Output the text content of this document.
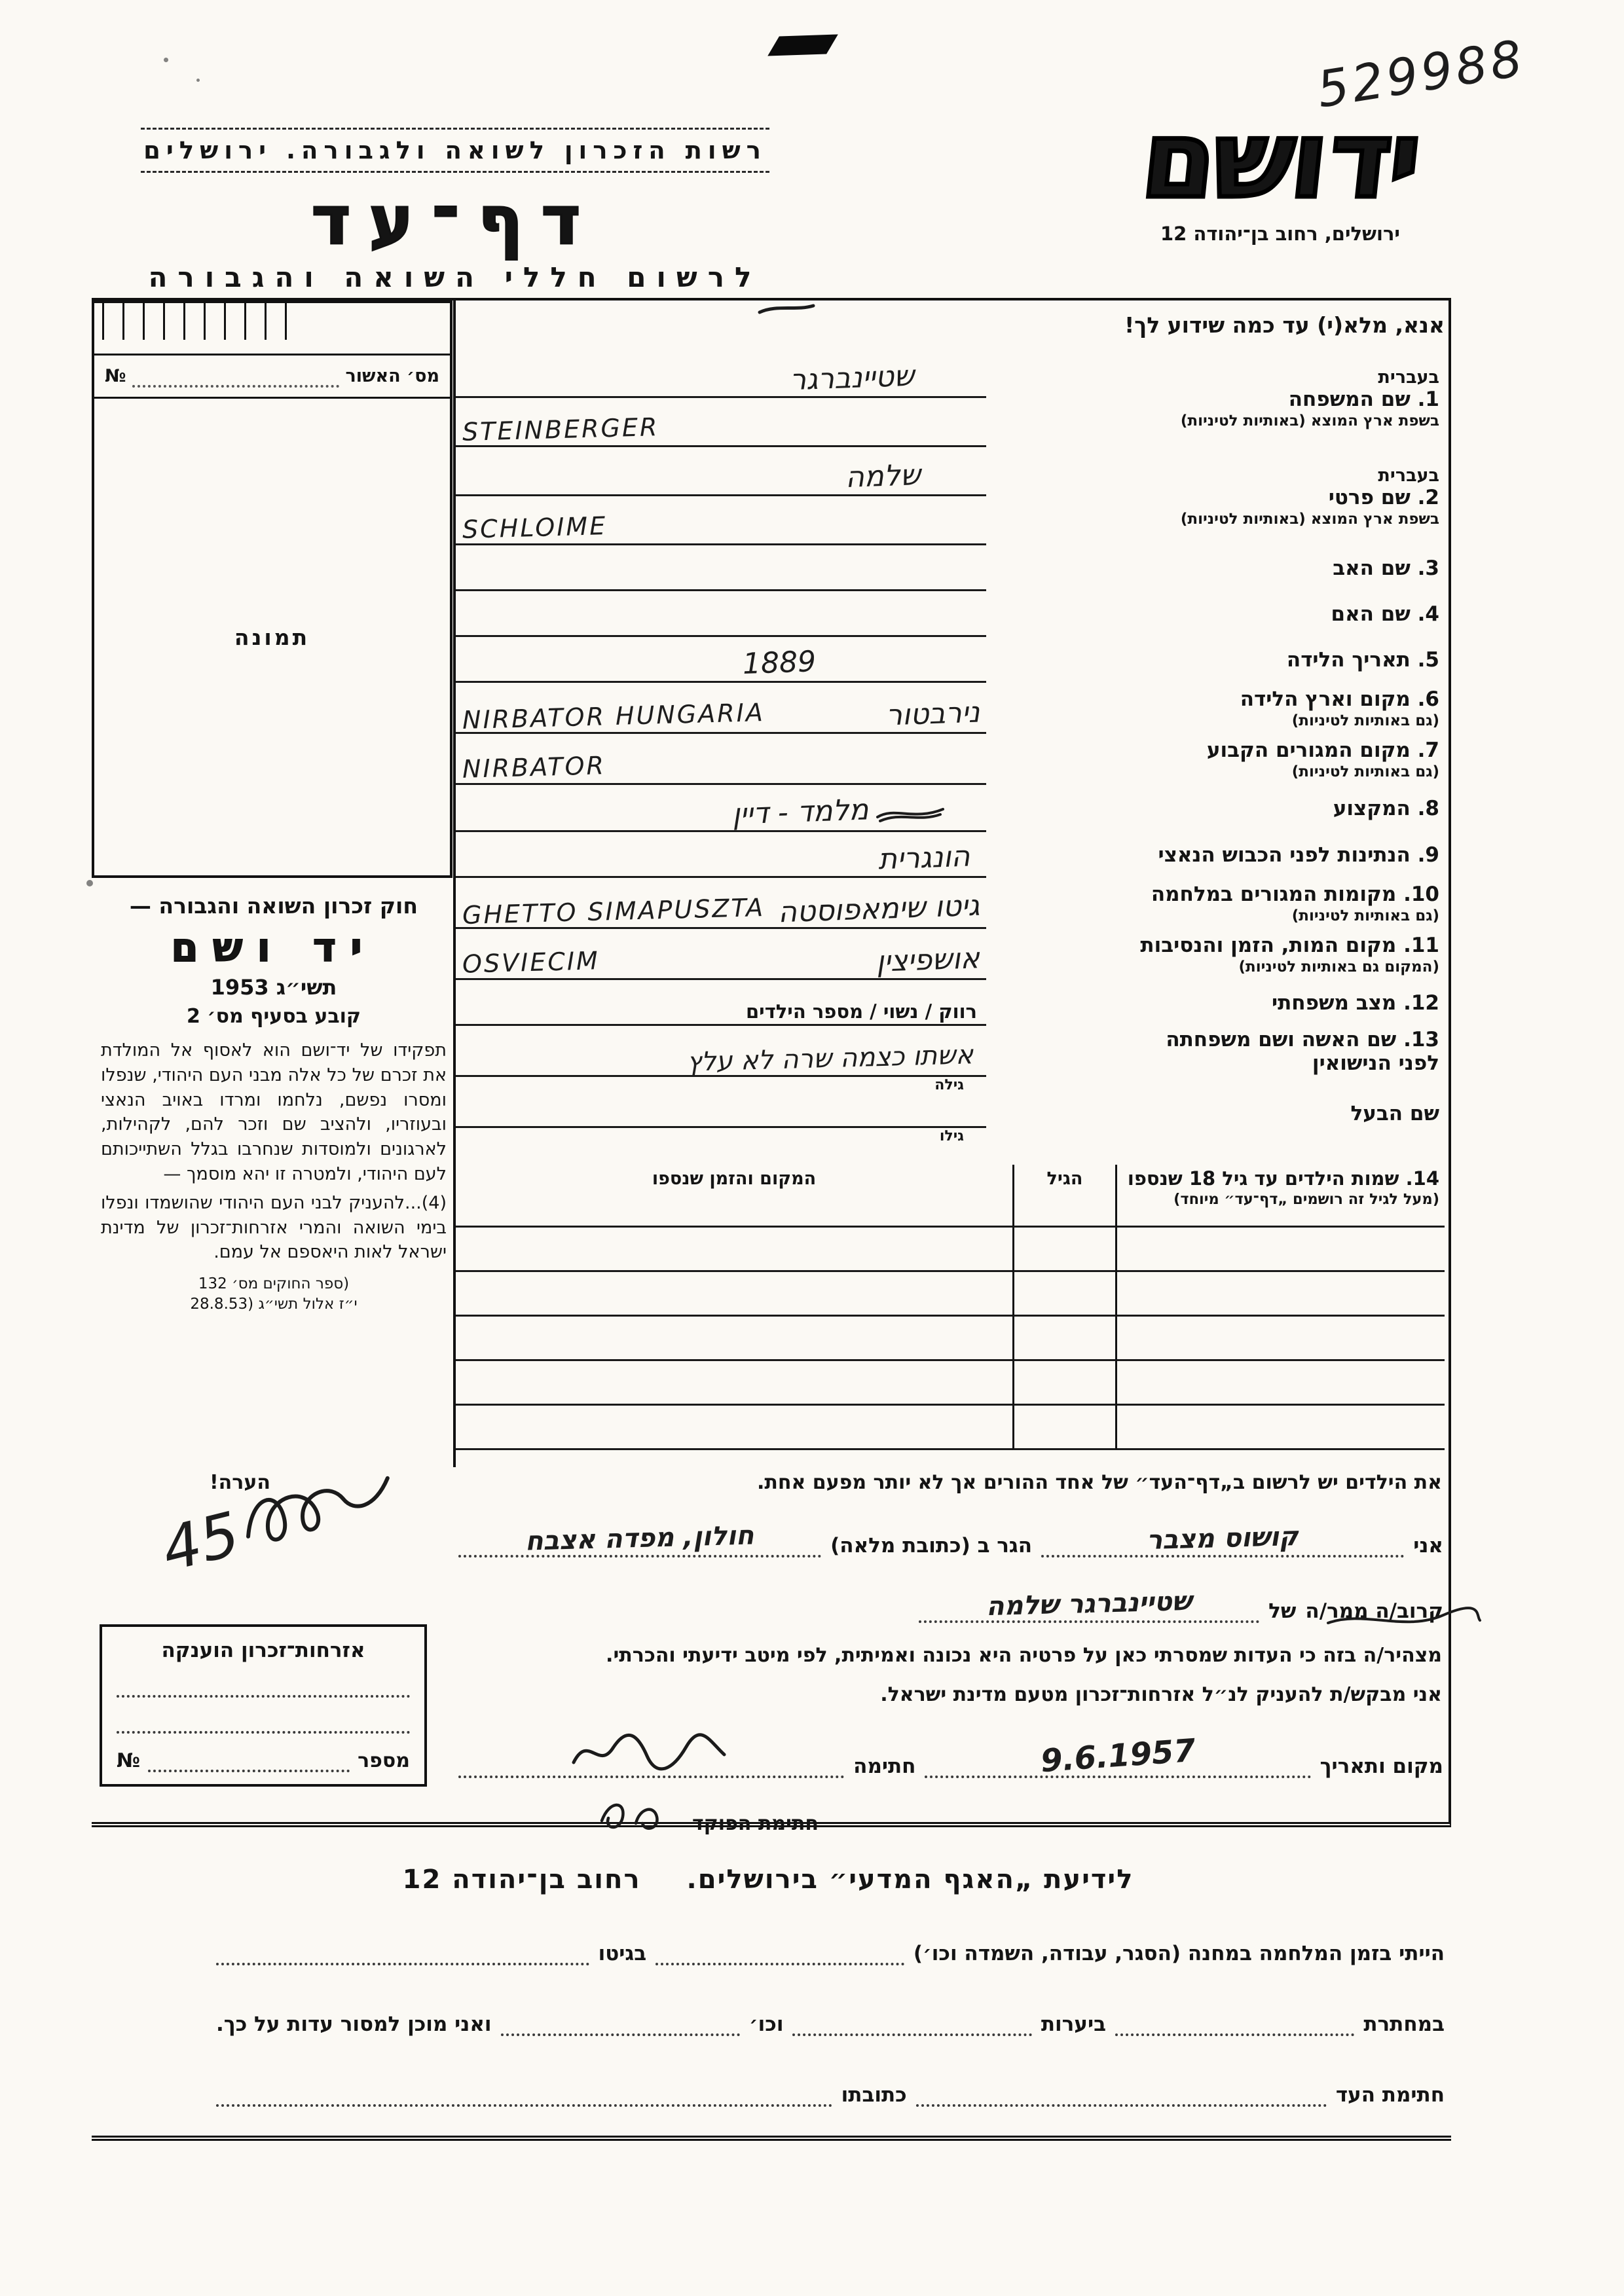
529988
רשות הזכרון לשואה ולגבורה. ירושלים
דף־עד
לרשום חללי השואה והגבורה
יד ושם
ירושלים, רחוב בן־יהודה 12
מס׳ האשור
№
תמונה
חוק זכרון השואה והגבורה —
יד ושם
תשי״ג 1953
קובע בסעיף מס׳ 2
תפקידו של יד־ושם הוא לאסוף אל המולדת את זכרם של כל אלה מבני העם היהודי, שנפלו ומסרו נפשם, נלחמו ומרדו באויב הנאצי ובעוזריו, ולהציב שם וזכר להם, לקהילות, לארגונים ולמוסדות שנחרבו בגלל השתייכותם לעם היהודי, ולמטרה זו יהא מוסמך —
(4)...להעניק לבני העם היהודי שהושמדו ונפלו בימי השואה והמרי אזרחות־זכרון של מדינת ישראל לאות היאספם אל עמם.
(ספר החוקים מס׳ 132
י״ז אלול תשי״ג (28.8.53
אנא, מלא(י) עד כמה שידוע לך!
בעברית
1. שם המשפחה
בשפת ארץ המוצא (באותיות לטיניות)
שטיינברגר
STEINBERGER
בעברית
2. שם פרטי
בשפת ארץ המוצא (באותיות לטיניות)
שלמה
SCHLOIME
3. שם האב
4. שם האם
5. תאריך הלידה
1889
6. מקום וארץ הלידה
(גם באותיות לטיניות)
נירבטור
NIRBATOR HUNGARIA
7. מקום המגורים הקבוע
(גם באותיות לטיניות)
NIRBATOR
8. המקצוע
מלמד - דיין
9. הנתינות לפני הכבוש הנאצי
הונגרית
10. מקומות המגורים במלחמה
(גם באותיות לטיניות)
גיטו שימאפוסטה
GHETTO SIMAPUSZTA
11. מקום המות, הזמן והנסיבות
(המקום גם באותיות לטיניות)
אושפיצין
OSVIECIM
12. מצב משפחתי
רווק / נשוי / מספר הילדים
13. שם האשה ושם משפחתה
לפני הנישואין
אשתו כצמה שרה לא עלץ
גילה
שם הבעל
גילו
14. שמות הילדים עד גיל 18 שנספו
(מעל לגיל זה רושמים „דף־עד״ מיוחד)
הגיל
המקום והזמן שנספו
את הילדים יש לרשום ב„דף־העד״ של אחד ההורים אך לא יותר מפעם אחת.
הערה!
אני
קושוס מצבר
הגר ב (כתובת מלאה)
חולון, מפדה אצבח
קרוב/ה ממר/ה
של
שטיינברגר שלמה
מצהיר/ה בזה כי העדות שמסרתי כאן על פרטיה היא נכונה ואמיתית, לפי מיטב ידיעתי והכרתי.
אני מבקש/ת להעניק לנ״ל אזרחות־זכרון מטעם מדינת ישראל.
מקום ותאריך
9.6.1957
חתימה
חתימת הפוקד
אזרחות־זכרון הוענקה
מספר
№
45
לידיעת „האגף המדעי״ בירושלים.
רחוב בן־יהודה 12
הייתי בזמן המלחמה במחנה (הסגר, עבודה, השמדה וכו׳)
בגיטו
במחתרת
ביערות
וכו׳
ואני מוכן למסור עדות על כך.
חתימת העד
כתובתו
